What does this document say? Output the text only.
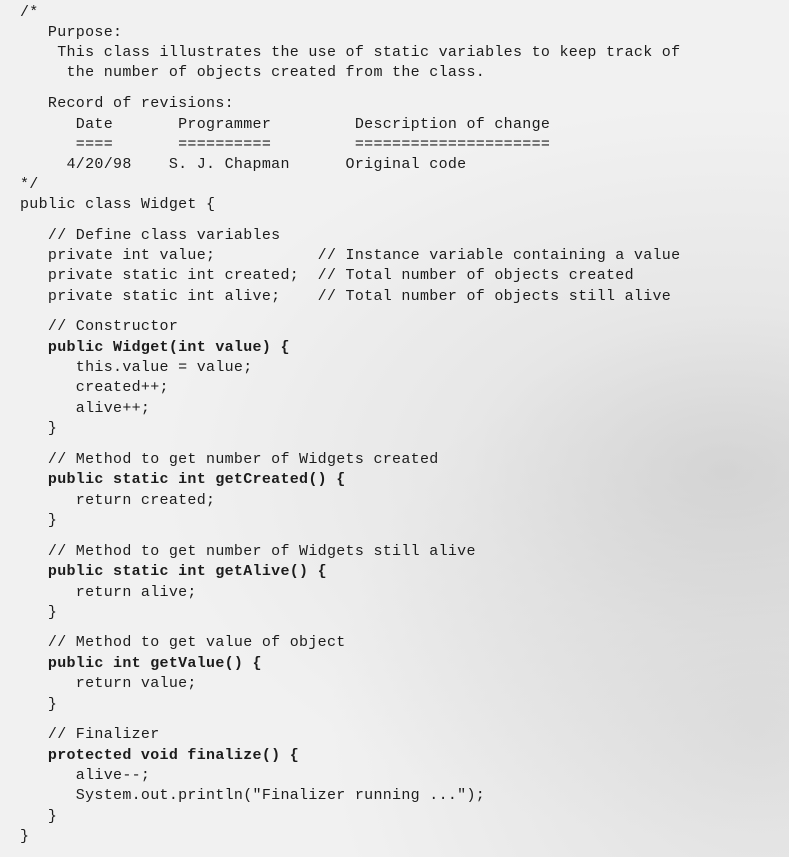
/*
Purpose:
This class illustrates the use of static variables to keep track of
the number of objects created from the class.
Record of revisions:
Date       Programmer         Description of change
====       ==========         =====================
4/20/98    S. J. Chapman      Original code
*/
public class Widget {
// Define class variables
private int value;           // Instance variable containing a value
private static int created;  // Total number of objects created
private static int alive;    // Total number of objects still alive
// Constructor
public Widget(int value) {
this.value = value;
created++;
alive++;
}
// Method to get number of Widgets created
public static int getCreated() {
return created;
}
// Method to get number of Widgets still alive
public static int getAlive() {
return alive;
}
// Method to get value of object
public int getValue() {
return value;
}
// Finalizer
protected void finalize() {
alive--;
System.out.println("Finalizer running ...");
}
}
